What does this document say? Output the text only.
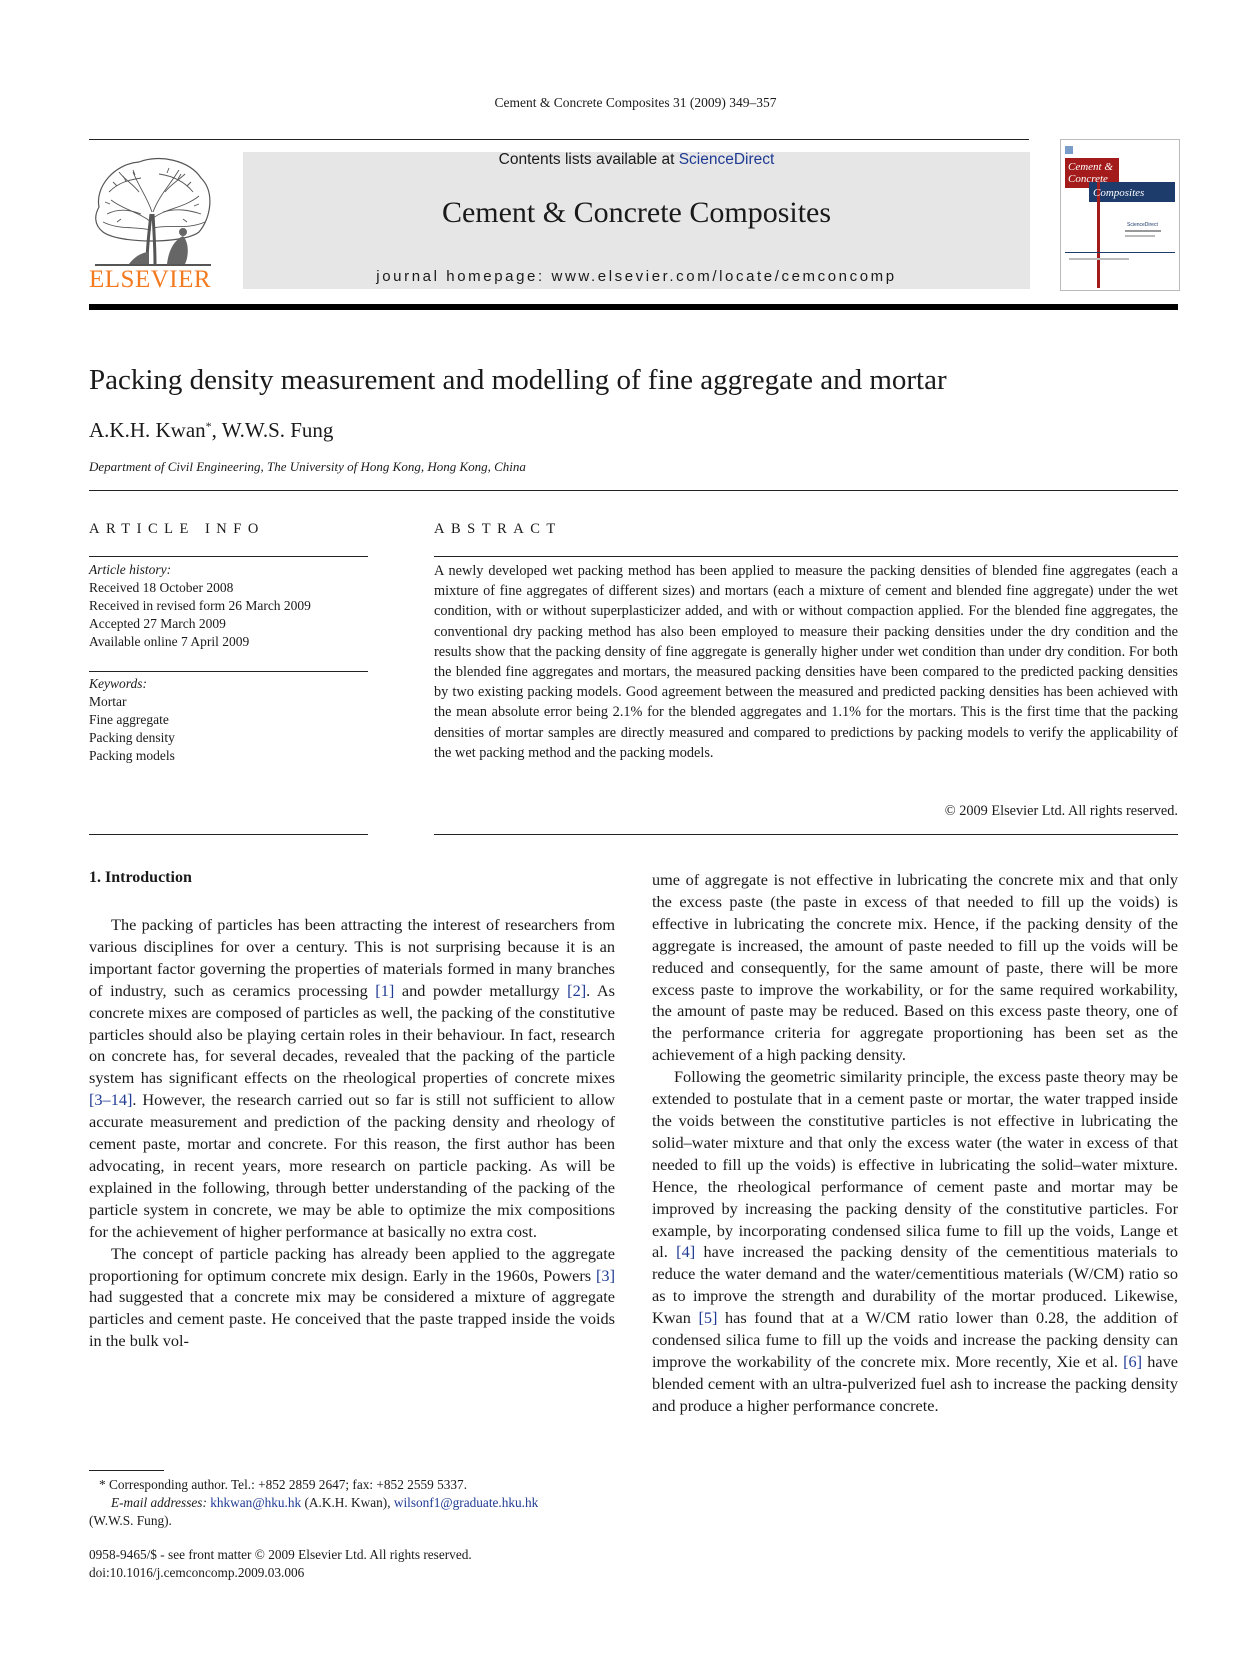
Cement & Concrete Composites 31 (2009) 349–357
ELSEVIER
Contents lists available at ScienceDirect
Cement & Concrete Composites
journal homepage: www.elsevier.com/locate/cemconcomp
Cement &
Concrete
Composites
ScienceDirect
Packing density measurement and modelling of fine aggregate and mortar
A.K.H. Kwan*, W.W.S. Fung
Department of Civil Engineering, The University of Hong Kong, Hong Kong, China
ARTICLE INFO
Article history:
Received 18 October 2008
Received in revised form 26 March 2009
Accepted 27 March 2009
Available online 7 April 2009
Keywords:
Mortar
Fine aggregate
Packing density
Packing models
ABSTRACT

A newly developed wet packing method has been applied to measure the packing densities of blended fine aggregates (each a mixture of fine aggregates of different sizes) and mortars (each a mixture of cement and blended fine aggregate) under the wet condition, with or without superplasticizer added, and with or without compaction applied. For the blended fine aggregates, the conventional dry packing method has also been employed to measure their packing densities under the dry condition and the results show that the packing density of fine aggregate is generally higher under wet condition than under dry condition. For both the blended fine aggregates and mortars, the measured packing densities have been compared to the predicted packing densities by two existing packing models. Good agreement between the measured and predicted packing densities has been achieved with the mean absolute error being 2.1% for the blended aggregates and 1.1% for the mortars. This is the first time that the packing densities of mortar samples are directly measured and compared to predictions by packing models to verify the applicability of the wet packing method and the packing models.

© 2009 Elsevier Ltd. All rights reserved.
1. Introduction

The packing of particles has been attracting the interest of researchers from various disciplines for over a century. This is not surprising because it is an important factor governing the properties of materials formed in many branches of industry, such as ceramics processing [1] and powder metallurgy [2]. As concrete mixes are composed of particles as well, the packing of the constitutive particles should also be playing certain roles in their behaviour. In fact, research on concrete has, for several decades, revealed that the packing of the particle system has significant effects on the rheological properties of concrete mixes [3–14]. However, the research carried out so far is still not sufficient to allow accurate measurement and prediction of the packing density and rheology of cement paste, mortar and concrete. For this reason, the first author has been advocating, in recent years, more research on particle packing. As will be explained in the following, through better understanding of the packing of the particle system in concrete, we may be able to optimize the mix compositions for the achievement of higher performance at basically no extra cost.

The concept of particle packing has already been applied to the aggregate proportioning for optimum concrete mix design. Early in the 1960s, Powers [3] had suggested that a concrete mix may be considered a mixture of aggregate particles and cement paste. He conceived that the paste trapped inside the voids in the bulk vol-

ume of aggregate is not effective in lubricating the concrete mix and that only the excess paste (the paste in excess of that needed to fill up the voids) is effective in lubricating the concrete mix. Hence, if the packing density of the aggregate is increased, the amount of paste needed to fill up the voids will be reduced and consequently, for the same amount of paste, there will be more excess paste to improve the workability, or for the same required workability, the amount of paste may be reduced. Based on this excess paste theory, one of the performance criteria for aggregate proportioning has been set as the achievement of a high packing density.

Following the geometric similarity principle, the excess paste theory may be extended to postulate that in a cement paste or mortar, the water trapped inside the voids between the constitutive particles is not effective in lubricating the solid–water mixture and that only the excess water (the water in excess of that needed to fill up the voids) is effective in lubricating the solid–water mixture. Hence, the rheological performance of cement paste and mortar may be improved by increasing the packing density of the constitutive particles. For example, by incorporating condensed silica fume to fill up the voids, Lange et al. [4] have increased the packing density of the cementitious materials to reduce the water demand and the water/cementitious materials (W/CM) ratio so as to improve the strength and durability of the mortar produced. Likewise, Kwan [5] has found that at a W/CM ratio lower than 0.28, the addition of condensed silica fume to fill up the voids and increase the packing density can improve the workability of the concrete mix. More recently, Xie et al. [6] have blended cement with an ultra-pulverized fuel ash to increase the packing density and produce a higher performance concrete.

* Corresponding author. Tel.: +852 2859 2647; fax: +852 2559 5337.
E-mail addresses: khkwan@hku.hk (A.K.H. Kwan), wilsonf1@graduate.hku.hk
(W.W.S. Fung).
0958-9465/$ - see front matter © 2009 Elsevier Ltd. All rights reserved.
doi:10.1016/j.cemconcomp.2009.03.006
